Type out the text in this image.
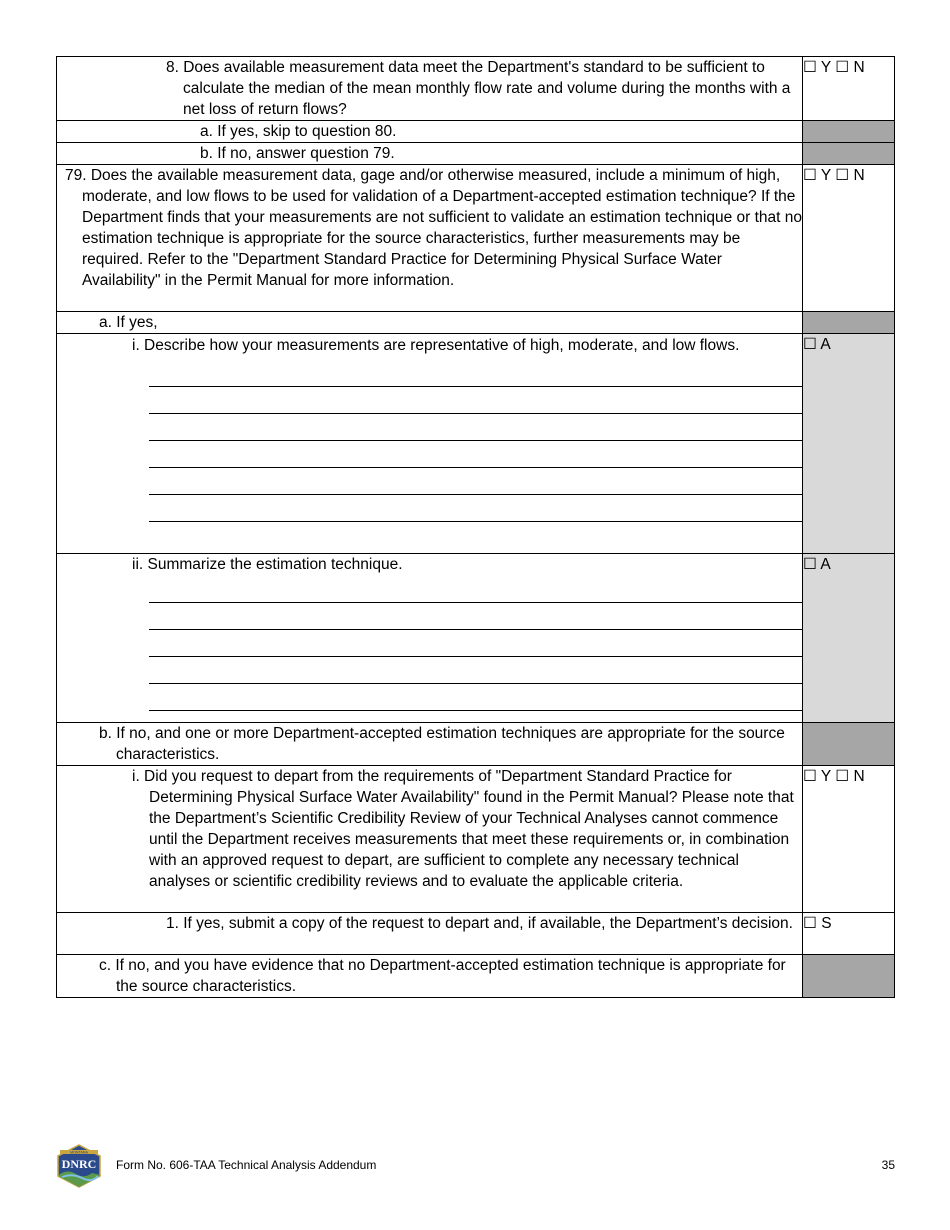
8. Does available measurement data meet the Department's standard to be sufficient to calculate the median of the mean monthly flow rate and volume during the months with a net loss of return flows?	☐ Y ☐ N

a. If yes, skip to question 80.	

b. If no, answer question 79.	

79. Does the available measurement data, gage and/or otherwise measured, include a minimum of high, moderate, and low flows to be used for validation of a Department-accepted estimation technique? If the Department finds that your measurements are not sufficient to validate an estimation technique or that no estimation technique is appropriate for the source characteristics, further measurements may be required. Refer to the "Department Standard Practice for Determining Physical Surface Water Availability" in the Permit Manual for more information.	☐ Y ☐ N

a. If yes,	

i. Describe how your measurements are representative of high, moderate, and low flows.	☐ A

ii. Summarize the estimation technique.	☐ A

b. If no, and one or more Department-accepted estimation techniques are appropriate for the source characteristics.	

i. Did you request to depart from the requirements of "Department Standard Practice for Determining Physical Surface Water Availability" found in the Permit Manual? Please note that the Department’s Scientific Credibility Review of your Technical Analyses cannot commence until the Department receives measurements that meet these requirements or, in combination with an approved request to depart, are sufficient to complete any necessary technical analyses or scientific credibility reviews and to evaluate the applicable criteria.	☐ Y ☐ N

1. If yes, submit a copy of the request to depart and, if available, the Department’s decision.	☐ S

c. If no, and you have evidence that no Department-accepted estimation technique is appropriate for the source characteristics.	

MONTANA
DNRC Form No. 606-TAA Technical Analysis Addendum	35
